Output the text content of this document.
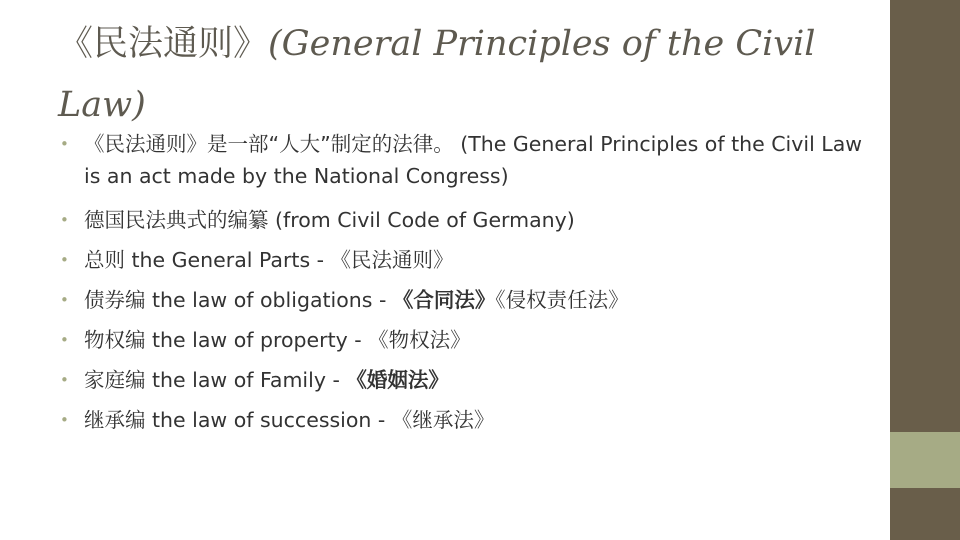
《民法通则》(General Principles of the Civil Law)
• 《民法通则》是一部“人大”制定的法律。 (The General Principles of the Civil Law is an act made by the National Congress)
• 德国民法典式的编纂 (from Civil Code of Germany)
• 总则 the General Parts - 《民法通则》
• 债券编 the law of obligations - 《合同法》《侵权责任法》
• 物权编 the law of property - 《物权法》
• 家庭编 the law of Family - 《婚姻法》
• 继承编 the law of succession - 《继承法》
